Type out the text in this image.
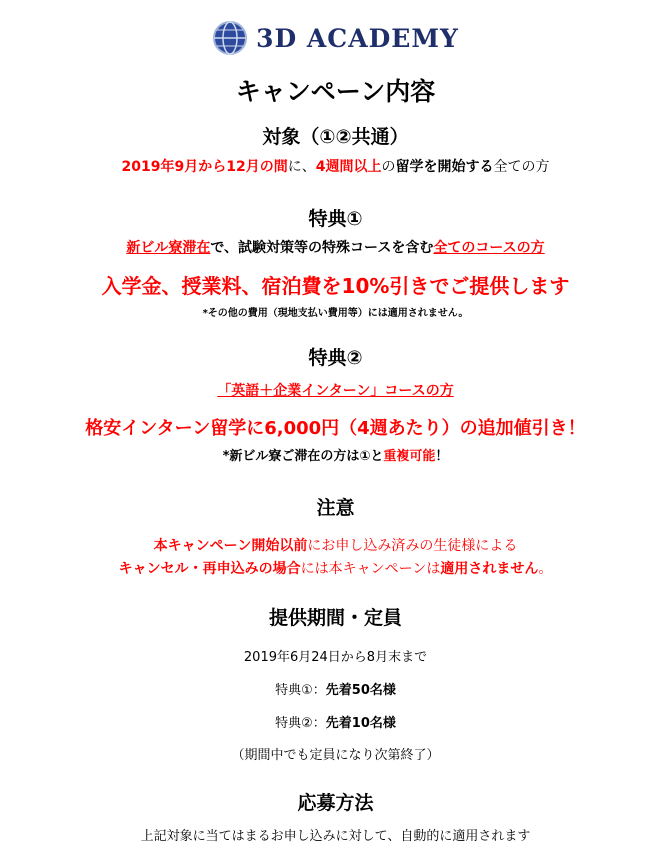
3D ACADEMY
キャンペーン内容
対象（①②共通）
2019年9月から12月の間に、4週間以上の留学を開始する全ての方
特典①
新ビル寮滞在で、試験対策等の特殊コースを含む全てのコースの方
入学金、授業料、宿泊費を10%引きでご提供します
*その他の費用（現地支払い費用等）には適用されません。
特典②
「英語＋企業インターン」コースの方
格安インターン留学に6,000円（4週あたり）の追加値引き！
*新ビル寮ご滞在の方は①と重複可能！
注意
本キャンペーン開始以前にお申し込み済みの生徒様による
キャンセル・再申込みの場合には本キャンペーンは適用されません。
提供期間・定員
2019年6月24日から8月末まで
特典①：先着50名様
特典②：先着10名様
（期間中でも定員になり次第終了）
応募方法
上記対象に当てはまるお申し込みに対して、自動的に適用されます
